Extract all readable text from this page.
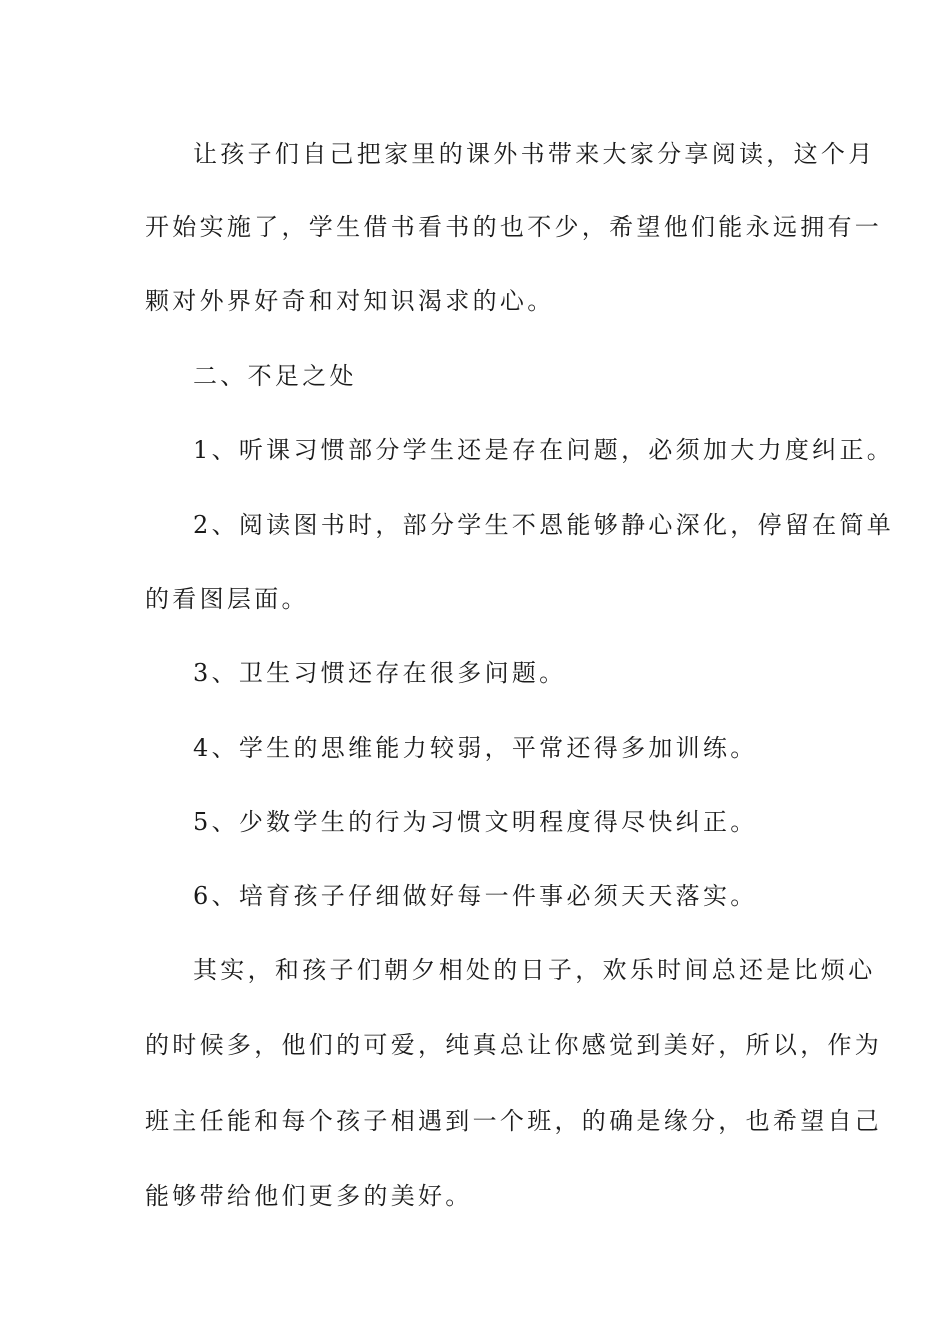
让孩子们自己把家里的课外书带来大家分享阅读，这个月
开始实施了，学生借书看书的也不少，希望他们能永远拥有一
颗对外界好奇和对知识渴求的心。
二、不足之处
1、听课习惯部分学生还是存在问题，必须加大力度纠正。
2、阅读图书时，部分学生不恩能够静心深化，停留在简单
的看图层面。
3、卫生习惯还存在很多问题。
4、学生的思维能力较弱，平常还得多加训练。
5、少数学生的行为习惯文明程度得尽快纠正。
6、培育孩子仔细做好每一件事必须天天落实。
其实，和孩子们朝夕相处的日子，欢乐时间总还是比烦心
的时候多，他们的可爱，纯真总让你感觉到美好，所以，作为
班主任能和每个孩子相遇到一个班，的确是缘分，也希望自己
能够带给他们更多的美好。
